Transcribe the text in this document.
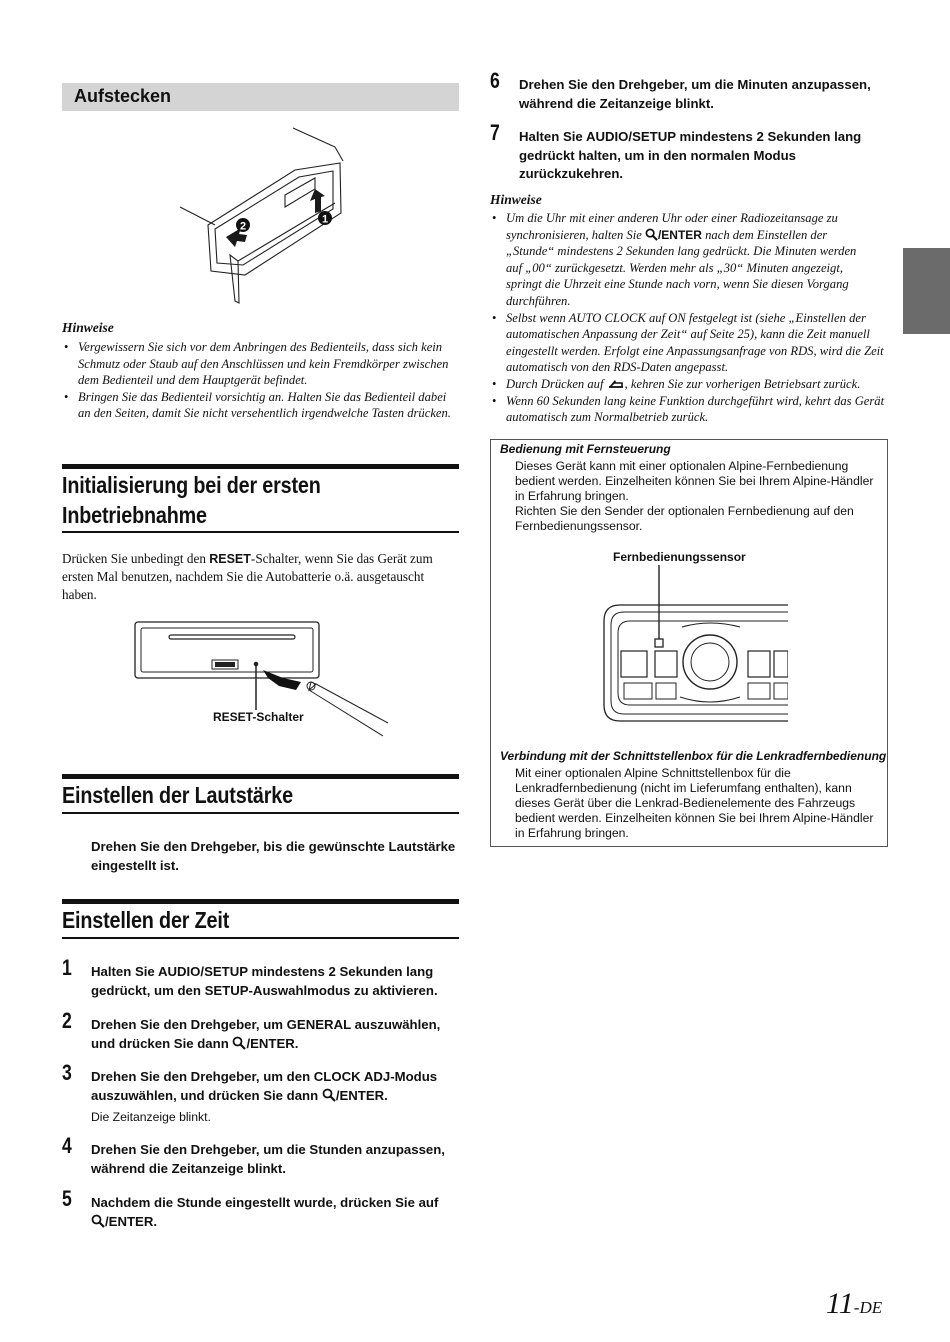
Aufstecken
2
1
Hinweise
• Vergewissern Sie sich vor dem Anbringen des Bedienteils, dass sich kein Schmutz oder Staub auf den Anschlüssen und kein Fremdkörper zwischen dem Bedienteil und dem Hauptgerät befindet.
• Bringen Sie das Bedienteil vorsichtig an. Halten Sie das Bedienteil dabei an den Seiten, damit Sie nicht versehentlich irgendwelche Tasten drücken.
Initialisierung bei der ersten
Inbetriebnahme
Drücken Sie unbedingt den RESET-Schalter, wenn Sie das Gerät zum
ersten Mal benutzen, nachdem Sie die Autobatterie o.ä. ausgetauscht
haben.
RESET-Schalter
Einstellen der Lautstärke
Drehen Sie den Drehgeber, bis die gewünschte Lautstärke
eingestellt ist.
Einstellen der Zeit
1 Halten Sie AUDIO/SETUP mindestens 2 Sekunden lang
gedrückt, um den SETUP-Auswahlmodus zu aktivieren.
2 Drehen Sie den Drehgeber, um GENERAL auszuwählen,
und drücken Sie dann /ENTER.
3 Drehen Sie den Drehgeber, um den CLOCK ADJ-Modus
auszuwählen, und drücken Sie dann /ENTER.
Die Zeitanzeige blinkt.
4 Drehen Sie den Drehgeber, um die Stunden anzupassen,
während die Zeitanzeige blinkt.
5 Nachdem die Stunde eingestellt wurde, drücken Sie auf
/ENTER.
6 Drehen Sie den Drehgeber, um die Minuten anzupassen,
während die Zeitanzeige blinkt.
7 Halten Sie AUDIO/SETUP mindestens 2 Sekunden lang
gedrückt halten, um in den normalen Modus
zurückzukehren.
Hinweise
• Um die Uhr mit einer anderen Uhr oder einer Radiozeitansage zu
synchronisieren, halten Sie /ENTER nach dem Einstellen der
„Stunde“ mindestens 2 Sekunden lang gedrückt. Die Minuten werden
auf „00“ zurückgesetzt. Werden mehr als „30“ Minuten angezeigt,
springt die Uhrzeit eine Stunde nach vorn, wenn Sie diesen Vorgang
durchführen.
• Selbst wenn AUTO CLOCK auf ON festgelegt ist (siehe „Einstellen der automatischen Anpassung der Zeit“ auf Seite 25), kann die Zeit manuell eingestellt werden. Erfolgt eine Anpassungsanfrage von RDS, wird die Zeit automatisch von den RDS-Daten angepasst.
• Durch Drücken auf , kehren Sie zur vorherigen Betriebsart zurück.
• Wenn 60 Sekunden lang keine Funktion durchgeführt wird, kehrt das Gerät automatisch zum Normalbetrieb zurück.
Bedienung mit Fernsteuerung
Dieses Gerät kann mit einer optionalen Alpine-Fernbedienung
bedient werden. Einzelheiten können Sie bei Ihrem Alpine-Händler
in Erfahrung bringen.
Richten Sie den Sender der optionalen Fernbedienung auf den
Fernbedienungssensor.
Fernbedienungssensor
Verbindung mit der Schnittstellenbox für die Lenkradfernbedienung
Mit einer optionalen Alpine Schnittstellenbox für die
Lenkradfernbedienung (nicht im Lieferumfang enthalten), kann
dieses Gerät über die Lenkrad-Bedienelemente des Fahrzeugs
bedient werden. Einzelheiten können Sie bei Ihrem Alpine-Händler
in Erfahrung bringen.
11-DE
